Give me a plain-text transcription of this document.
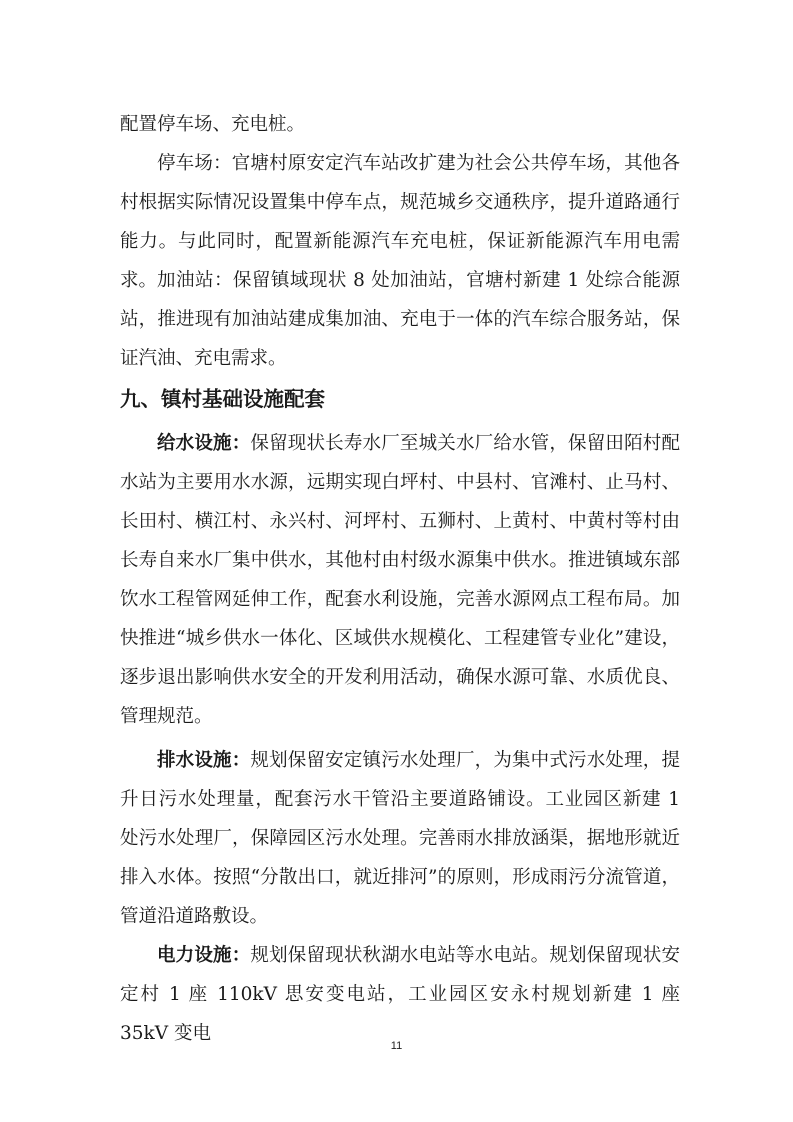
配置停车场、充电桩。

停车场：官塘村原安定汽车站改扩建为社会公共停车场，其他各村根据实际情况设置集中停车点，规范城乡交通秩序，提升道路通行能力。与此同时，配置新能源汽车充电桩，保证新能源汽车用电需求。 加油站：保留镇域现状 8 处加油站，官塘村新建 1 处综合能源站，推进现有加油站建成集加油、充电于一体的汽车综合服务站，保证汽油、充电需求。

九、镇村基础设施配套

给水设施：保留现状长寿水厂至城关水厂给水管，保留田陌村配水站为主要用水水源，远期实现白坪村、中县村、官滩村、止马村、长田村、横江村、永兴村、河坪村、五狮村、上黄村、中黄村等村由长寿自来水厂集中供水，其他村由村级水源集中供水。推进镇域东部饮水工程管网延伸工作，配套水利设施，完善水源网点工程布局。加快推进“城乡供水一体化、区域供水规模化、工程建管专业化”建设，逐步退出影响供水安全的开发利用活动，确保水源可靠、水质优良、管理规范。

排水设施：规划保留安定镇污水处理厂，为集中式污水处理，提升日污水处理量，配套污水干管沿主要道路铺设。工业园区新建 1 处污水处理厂，保障园区污水处理。完善雨水排放涵渠，据地形就近排入水体。按照“分散出口，就近排河”的原则，形成雨污分流管道，管道沿道路敷设。

电力设施：规划保留现状秋湖水电站等水电站。规划保留现状安定村 1 座 110kV 思安变电站，工业园区安永村规划新建 1 座 35kV 变电

11
